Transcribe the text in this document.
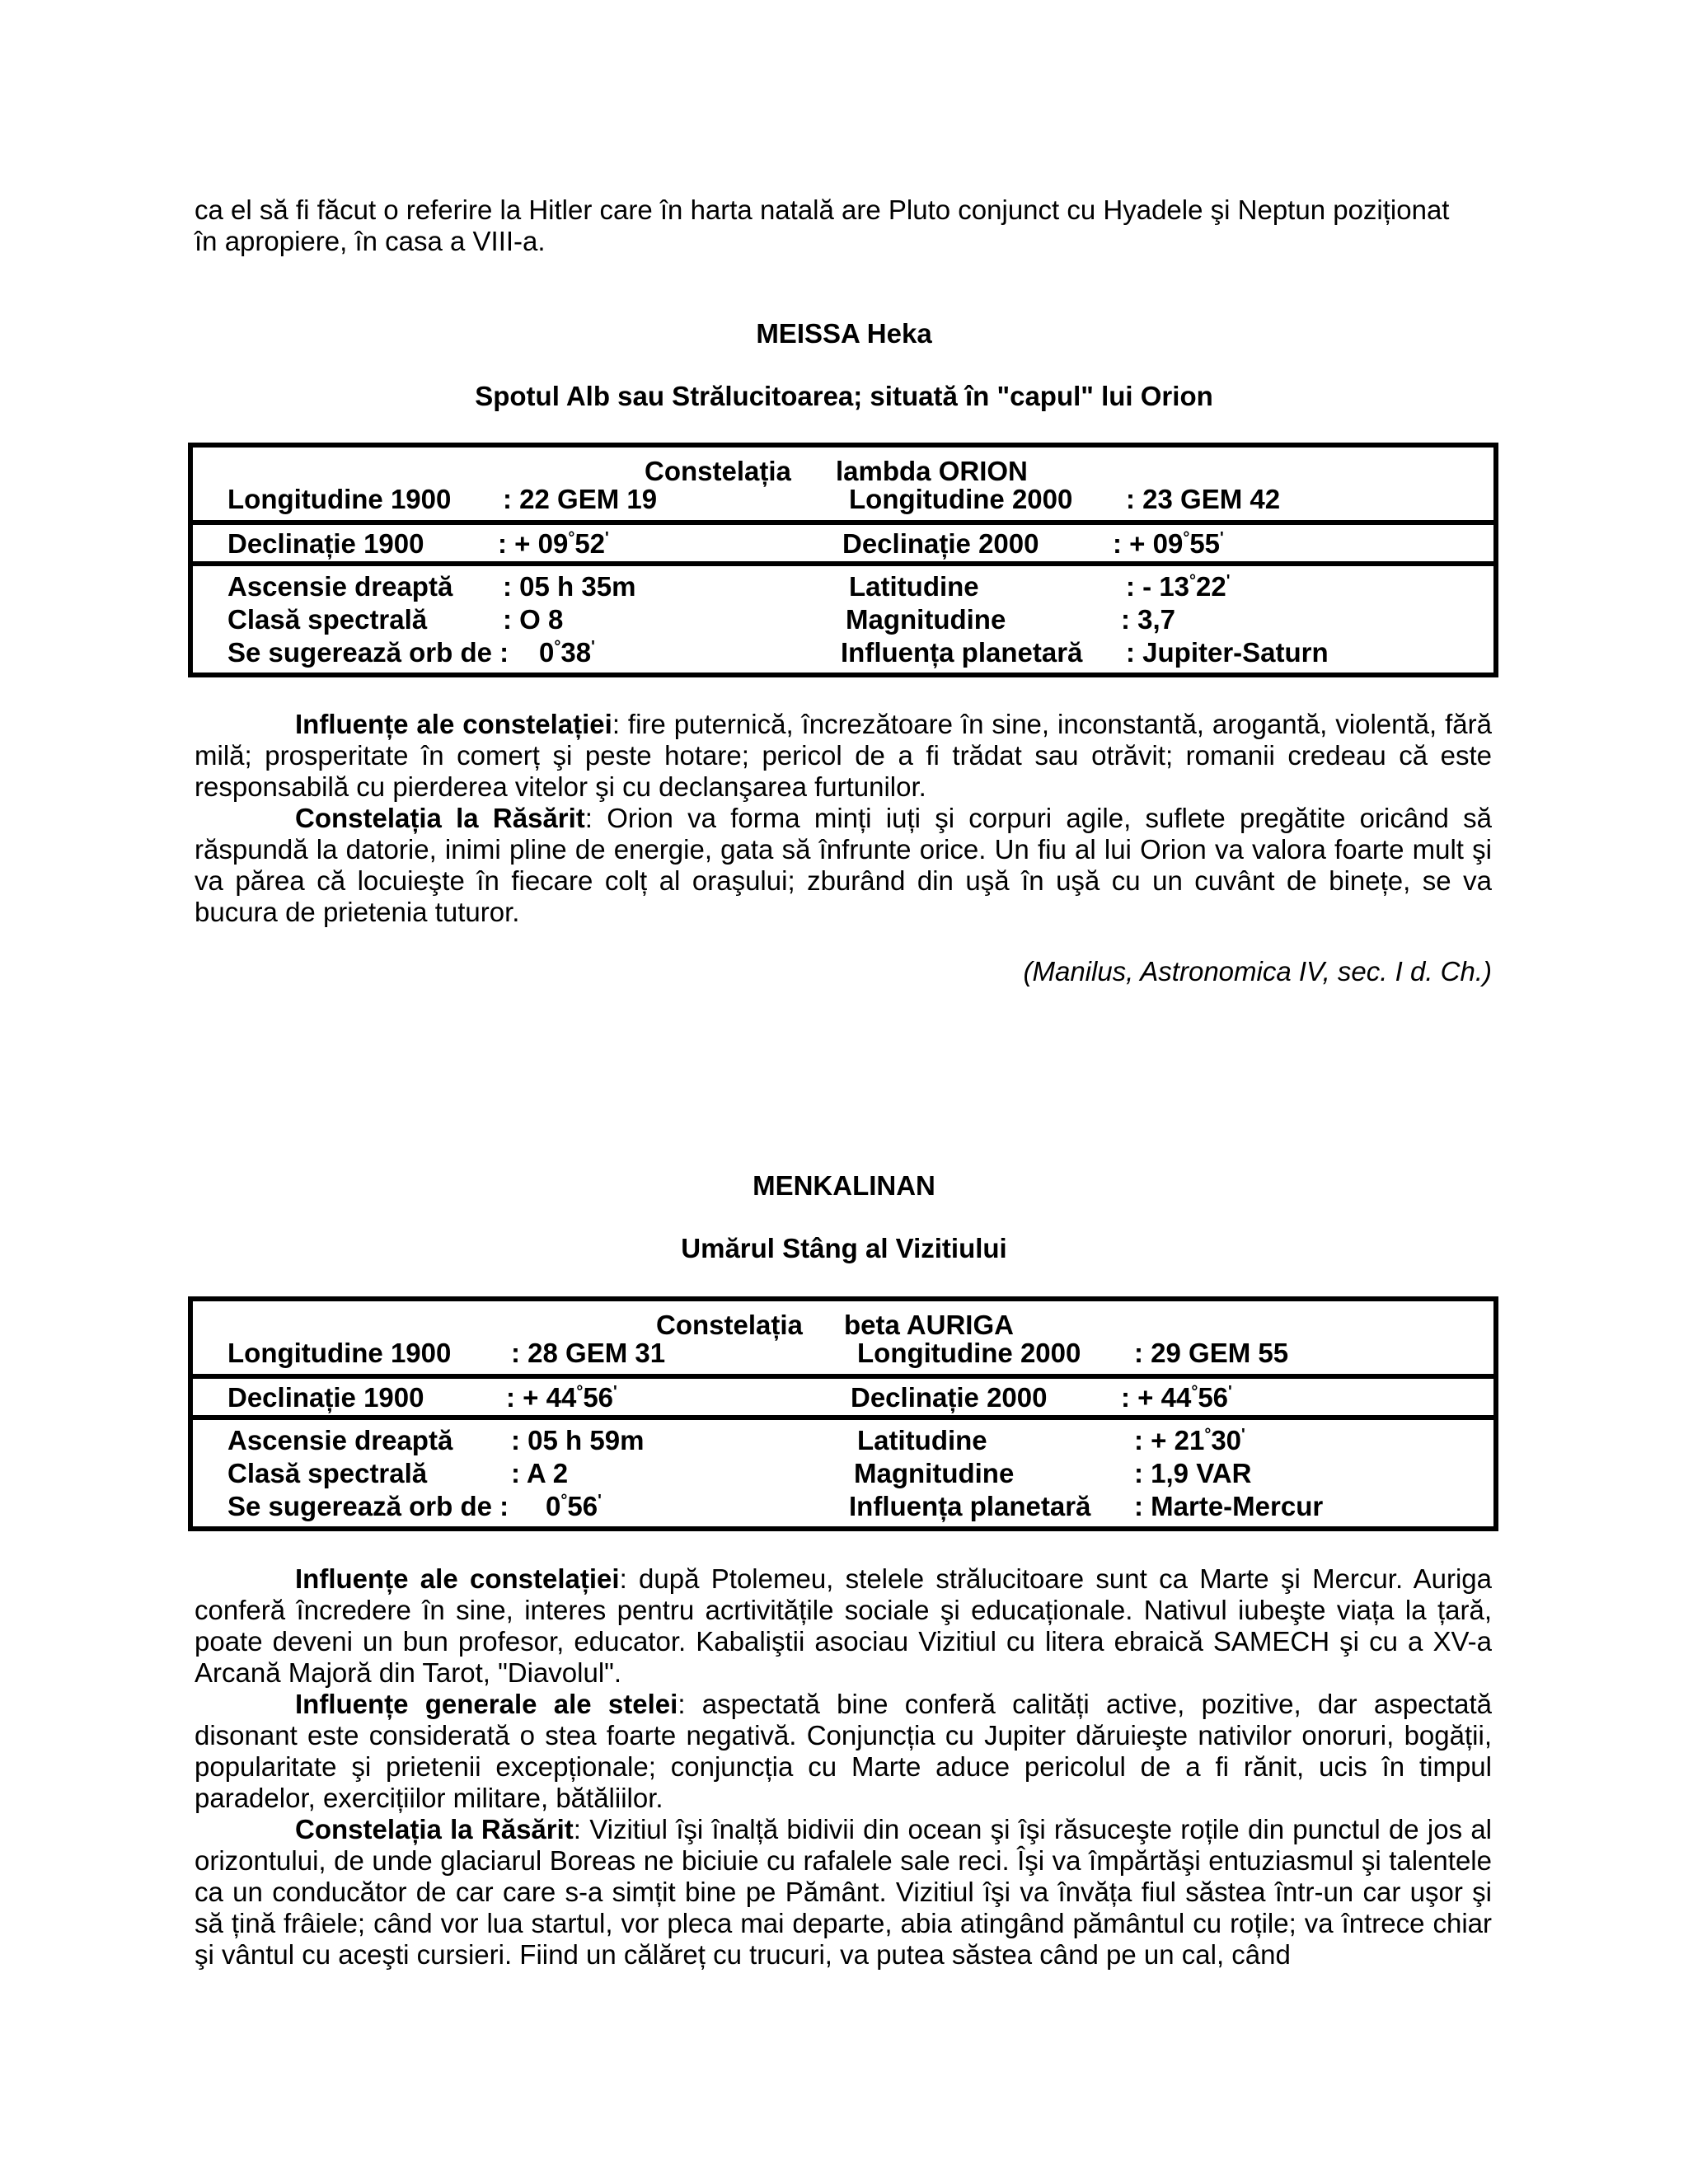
ca el să fi făcut o referire la Hitler care în harta natală are Pluto conjunct cu Hyadele şi Neptun poziționat
în apropiere, în casa a VIII-a.
MEISSA Heka
Spotul Alb sau Strălucitoarea; situată în "capul" lui Orion
Constelația lambda ORION
Longitudine 1900 : 22 GEM 19	Longitudine 2000 : 23 GEM 42
Declinație 1900	: + 09°52'	Declinație 2000	: + 09°55'
Ascensie dreaptă : 05 h 35m	Latitudine	: - 13°22'
Clasă spectrală	: O 8	Magnitudine	: 3,7
Se sugerează orb de : 0°38'	Influența planetară : Jupiter-Saturn
Influențe ale constelației: fire puternică, încrezătoare în sine, inconstantă, arogantă, violentă, fără milă; prosperitate în comerț şi peste hotare; pericol de a fi trădat sau otrăvit; romanii credeau că este responsabilă cu pierderea vitelor şi cu declanşarea furtunilor.
Constelația la Răsărit: Orion va forma minți iuți şi corpuri agile, suflete pregătite oricând să răspundă la datorie, inimi pline de energie, gata să înfrunte orice. Un fiu al lui Orion va valora foarte mult şi va părea că locuieşte în fiecare colț al oraşului; zburând din uşă în uşă cu un cuvânt de binețe, se va bucura de prietenia tuturor.
(Manilus, Astronomica IV, sec. I d. Ch.)
MENKALINAN
Umărul Stâng al Vizitiului
Constelația beta AURIGA
Longitudine 1900 : 28 GEM 31	Longitudine 2000 : 29 GEM 55
Declinație 1900	: + 44°56'	Declinație 2000	: + 44°56'
Ascensie dreaptă : 05 h 59m	Latitudine	: + 21°30'
Clasă spectrală	: A 2	Magnitudine	: 1,9 VAR
Se sugerează orb de : 0°56'	Influența planetară : Marte-Mercur
Influențe ale constelației: după Ptolemeu, stelele strălucitoare sunt ca Marte şi Mercur. Auriga conferă încredere în sine, interes pentru acrtivitățile sociale şi educaționale. Nativul iubeşte viața la țară, poate deveni un bun profesor, educator. Kabaliştii asociau Vizitiul cu litera ebraică SAMECH şi cu a XV-a Arcană Majoră din Tarot, "Diavolul".
Influențe generale ale stelei: aspectată bine conferă calități active, pozitive, dar aspectată disonant este considerată o stea foarte negativă. Conjuncția cu Jupiter dăruieşte nativilor onoruri, bogății, popularitate şi prietenii excepționale; conjuncția cu Marte aduce pericolul de a fi rănit, ucis în timpul paradelor, exercițiilor militare, bătăliilor.
Constelația la Răsărit: Vizitiul îşi înalță bidivii din ocean şi îşi răsuceşte roțile din punctul de jos al orizontului, de unde glaciarul Boreas ne biciuie cu rafalele sale reci. Îşi va împărtăşi entuziasmul şi talentele ca un conducător de car care s-a simțit bine pe Pământ. Vizitiul îşi va învăța fiul săstea într-un car uşor şi să țină frâiele; când vor lua startul, vor pleca mai departe, abia atingând pământul cu roțile; va întrece chiar şi vântul cu aceşti cursieri. Fiind un călăreț cu trucuri, va putea săstea când pe un cal, când
